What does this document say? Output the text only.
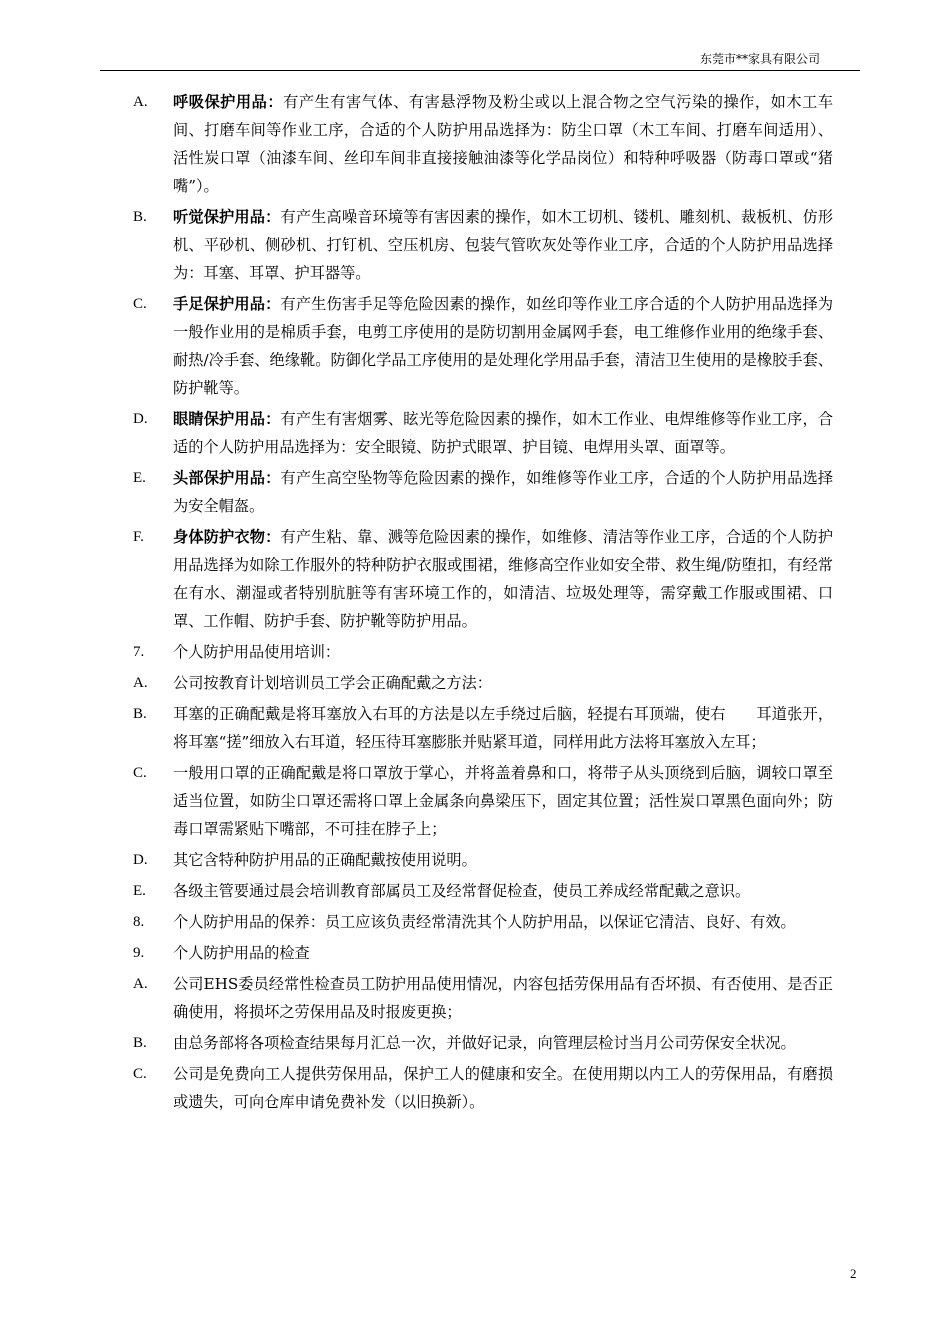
东莞市**家具有限公司
A.	呼吸保护用品：有产生有害气体、有害悬浮物及粉尘或以上混合物之空气污染的操作，如木工车间、打磨车间等作业工序，合适的个人防护用品选择为：防尘口罩（木工车间、打磨车间适用）、活性炭口罩（油漆车间、丝印车间非直接接触油漆等化学品岗位）和特种呼吸器（防毒口罩或“猪嘴”）。
B.	听觉保护用品：有产生高噪音环境等有害因素的操作，如木工切机、镂机、雕刻机、裁板机、仿形机、平砂机、侧砂机、打钉机、空压机房、包装气管吹灰处等作业工序，合适的个人防护用品选择为：耳塞、耳罩、护耳器等。
C.	手足保护用品：有产生伤害手足等危险因素的操作，如丝印等作业工序合适的个人防护用品选择为一般作业用的是棉质手套，电剪工序使用的是防切割用金属网手套，电工维修作业用的绝缘手套、耐热/冷手套、绝缘靴。防御化学品工序使用的是处理化学用品手套，清洁卫生使用的是橡胶手套、防护靴等。
D.	眼睛保护用品：有产生有害烟雾、眩光等危险因素的操作，如木工作业、电焊维修等作业工序，合适的个人防护用品选择为：安全眼镜、防护式眼罩、护目镜、电焊用头罩、面罩等。
E.	头部保护用品：有产生高空坠物等危险因素的操作，如维修等作业工序，合适的个人防护用品选择为安全帽盔。
F.	身体防护衣物：有产生粘、靠、溅等危险因素的操作，如维修、清洁等作业工序，合适的个人防护用品选择为如除工作服外的特种防护衣服或围裙，维修高空作业如安全带、救生绳/防堕扣，有经常在有水、潮湿或者特别肮脏等有害环境工作的，如清洁、垃圾处理等，需穿戴工作服或围裙、口罩、工作帽、防护手套、防护靴等防护用品。
7.	个人防护用品使用培训：
A.	公司按教育计划培训员工学会正确配戴之方法：
B.	耳塞的正确配戴是将耳塞放入右耳的方法是以左手绕过后脑，轻提右耳顶端，使右　　耳道张开，将耳塞“搓”细放入右耳道，轻压待耳塞膨胀并贴紧耳道，同样用此方法将耳塞放入左耳；
C.	一般用口罩的正确配戴是将口罩放于掌心，并将盖着鼻和口，将带子从头顶绕到后脑，调较口罩至适当位置，如防尘口罩还需将口罩上金属条向鼻梁压下，固定其位置；活性炭口罩黑色面向外；防毒口罩需紧贴下嘴部，不可挂在脖子上；
D.	其它含特种防护用品的正确配戴按使用说明。
E.	各级主管要通过晨会培训教育部属员工及经常督促检查，使员工养成经常配戴之意识。
8.	个人防护用品的保养：员工应该负责经常清洗其个人防护用品，以保证它清洁、良好、有效。
9.	个人防护用品的检查
A.	公司EHS委员经常性检查员工防护用品使用情况，内容包括劳保用品有否坏损、有否使用、是否正确使用，将损坏之劳保用品及时报废更换；
B.	由总务部将各项检查结果每月汇总一次，并做好记录，向管理层检讨当月公司劳保安全状况。
C.	公司是免费向工人提供劳保用品，保护工人的健康和安全。在使用期以内工人的劳保用品，有磨损或遗失，可向仓库申请免费补发（以旧换新）。
2
